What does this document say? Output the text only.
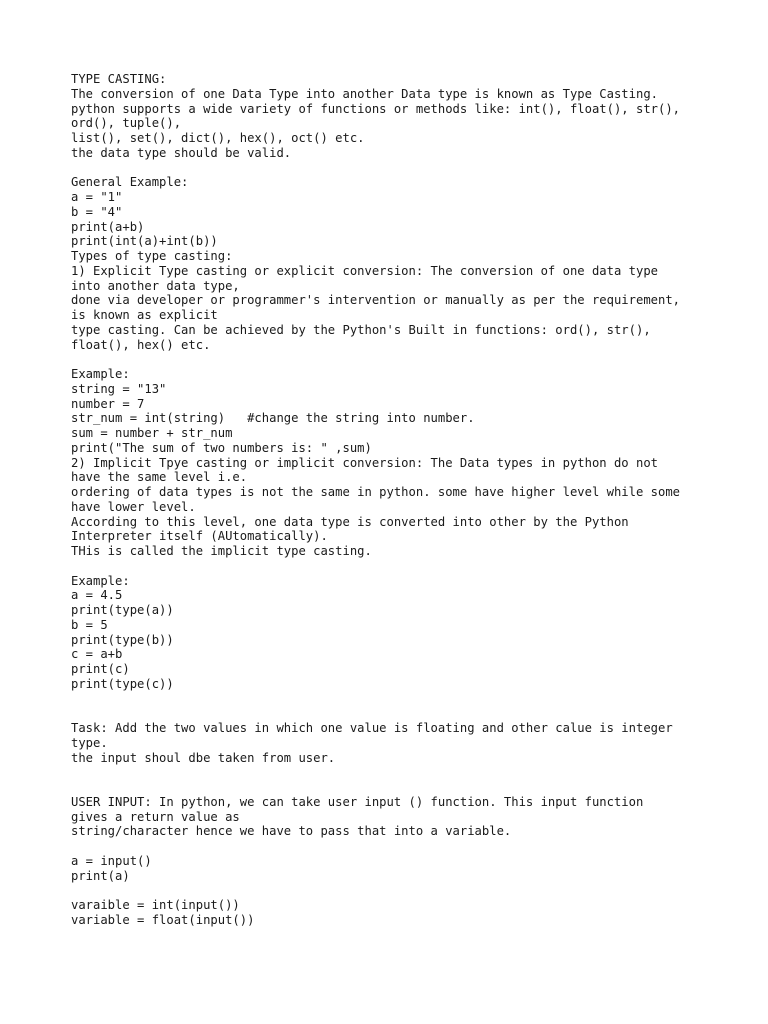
TYPE CASTING:
The conversion of one Data Type into another Data type is known as Type Casting.
python supports a wide variety of functions or methods like: int(), float(), str(),
ord(), tuple(),
list(), set(), dict(), hex(), oct() etc.
the data type should be valid.
General Example:
a = "1"
b = "4"
print(a+b)
print(int(a)+int(b))
Types of type casting:
1) Explicit Type casting or explicit conversion: The conversion of one data type
into another data type,
done via developer or programmer's intervention or manually as per the requirement,
is known as explicit
type casting. Can be achieved by the Python's Built in functions: ord(), str(),
float(), hex() etc.
Example:
string = "13"
number = 7
str_num = int(string)   #change the string into number.
sum = number + str_num
print("The sum of two numbers is: " ,sum)
2) Implicit Tpye casting or implicit conversion: The Data types in python do not
have the same level i.e.
ordering of data types is not the same in python. some have higher level while some
have lower level.
According to this level, one data type is converted into other by the Python
Interpreter itself (AUtomatically).
THis is called the implicit type casting.
Example:
a = 4.5
print(type(a))
b = 5
print(type(b))
c = a+b
print(c)
print(type(c))
Task: Add the two values in which one value is floating and other calue is integer
type.
the input shoul dbe taken from user.
USER INPUT: In python, we can take user input () function. This input function
gives a return value as
string/character hence we have to pass that into a variable.
a = input()
print(a)
varaible = int(input())
variable = float(input())
